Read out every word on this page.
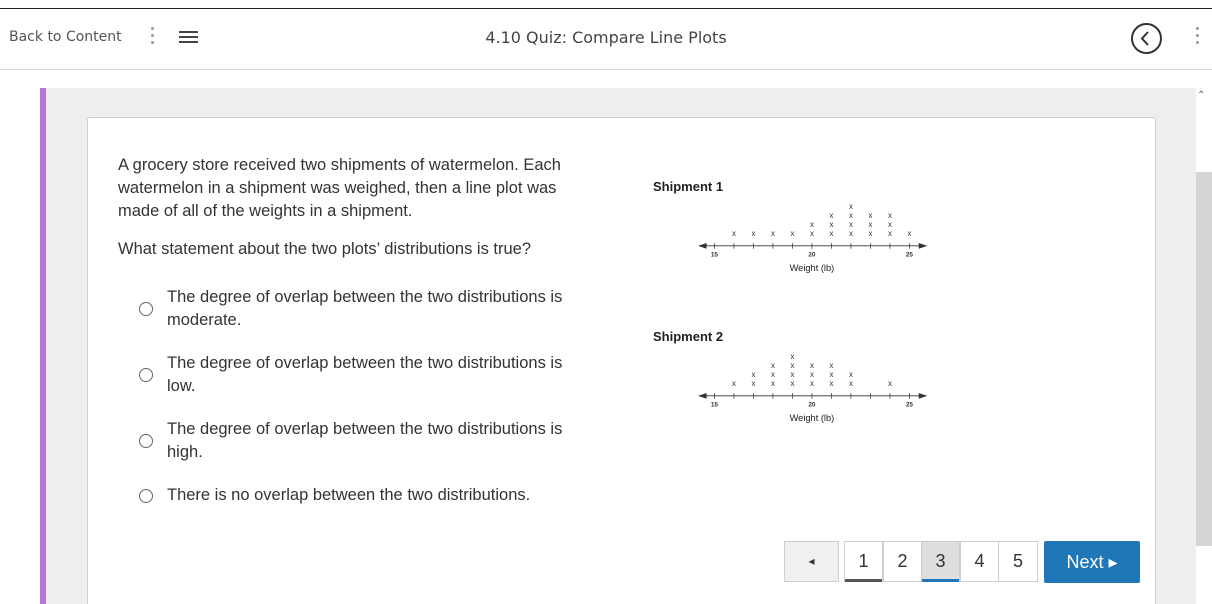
Back to Content	4.10 Quiz: Compare Line Plots
⌃
A grocery store received two shipments of watermelon. Each watermelon in a shipment was weighed, then a line plot was made of all of the weights in a shipment.
What statement about the two plots’ distributions is true?
The degree of overlap between the two distributions is moderate.
The degree of overlap between the two distributions is low.
The degree of overlap between the two distributions is high.
There is no overlap between the two distributions.
Shipment 1
15	20	25
Weight (lb)
x x x x x
x
x
x
x
x
x
x
x
x
x
x
x
x
x
x
Shipment 2
15	20	25
Weight (lb)
x x
x
x
x
x
x
x
x
x
x
x
x
x
x
x
x
x
x
◂	1	2	3	4	5	Next ▸
